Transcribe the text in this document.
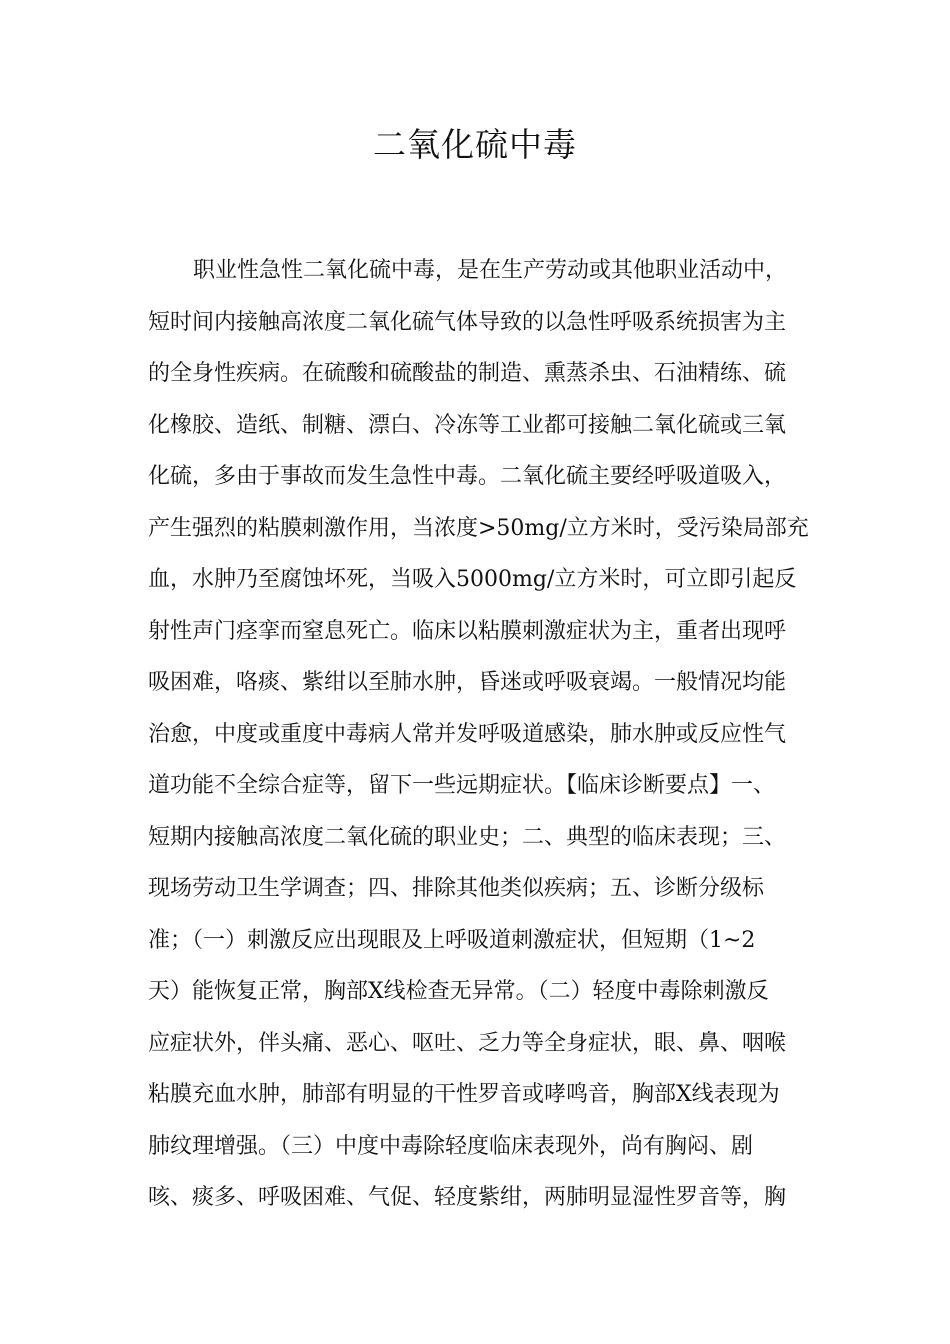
二氧化硫中毒
职业性急性二氧化硫中毒，是在生产劳动或其他职业活动中，
短时间内接触高浓度二氧化硫气体导致的以急性呼吸系统损害为主
的全身性疾病。在硫酸和硫酸盐的制造、熏蒸杀虫、石油精练、硫
化橡胶、造纸、制糖、漂白、冷冻等工业都可接触二氧化硫或三氧
化硫，多由于事故而发生急性中毒。二氧化硫主要经呼吸道吸入，
产生强烈的粘膜刺激作用，当浓度>50mg/立方米时，受污染局部充
血，水肿乃至腐蚀坏死，当吸入5000mg/立方米时，可立即引起反
射性声门痉挛而窒息死亡。临床以粘膜刺激症状为主，重者出现呼
吸困难，咯痰、紫绀以至肺水肿，昏迷或呼吸衰竭。一般情况均能
治愈，中度或重度中毒病人常并发呼吸道感染，肺水肿或反应性气
道功能不全综合症等，留下一些远期症状。【临床诊断要点】一、
短期内接触高浓度二氧化硫的职业史；二、典型的临床表现；三、
现场劳动卫生学调查；四、排除其他类似疾病；五、诊断分级标
准；（一）刺激反应出现眼及上呼吸道刺激症状，但短期（1~2
天）能恢复正常，胸部X线检查无异常。（二）轻度中毒除刺激反
应症状外，伴头痛、恶心、呕吐、乏力等全身症状，眼、鼻、咽喉
粘膜充血水肿，肺部有明显的干性罗音或哮鸣音，胸部X线表现为
肺纹理增强。（三）中度中毒除轻度临床表现外，尚有胸闷、剧
咳、痰多、呼吸困难、气促、轻度紫绀，两肺明显湿性罗音等，胸
